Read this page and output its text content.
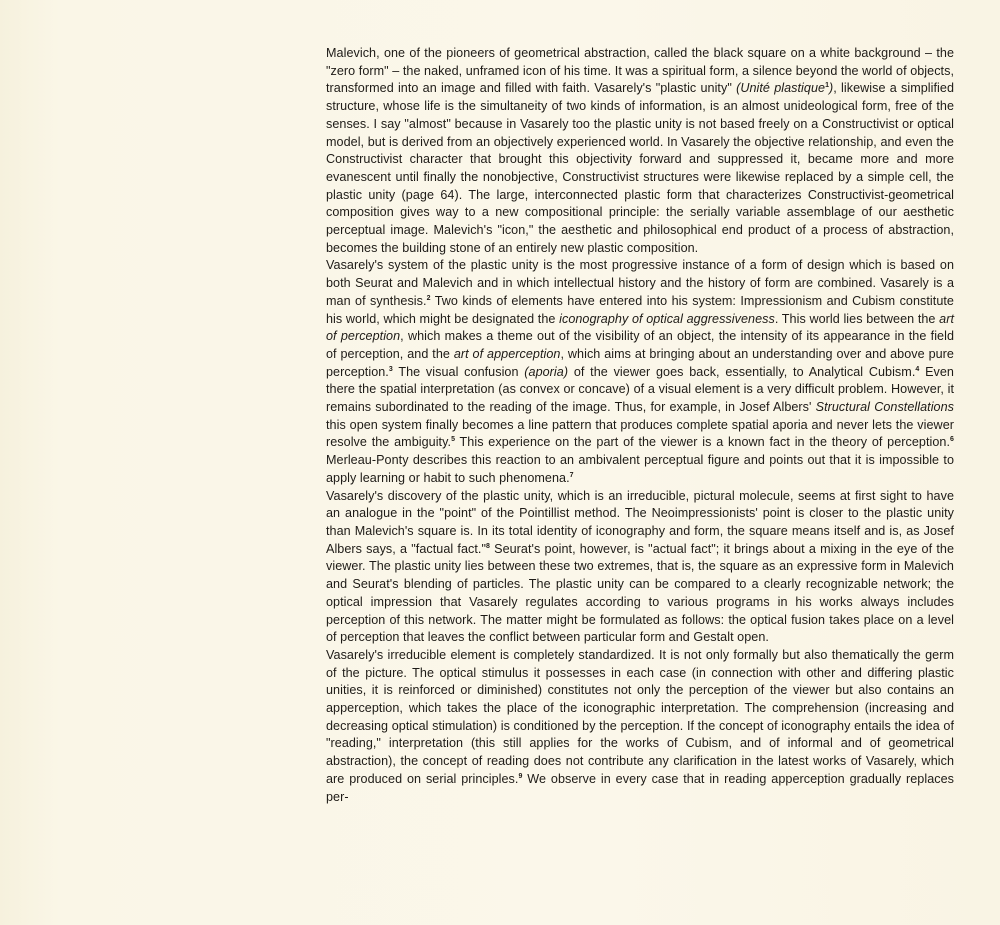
Malevich, one of the pioneers of geometrical abstraction, called the black square on a white background – the "zero form" – the naked, unframed icon of his time. It was a spiritual form, a silence beyond the world of objects, transformed into an image and filled with faith. Vasarely's "plastic unity" (Unité plastique$^1$), likewise a simplified structure, whose life is the simultaneity of two kinds of information, is an almost unideological form, free of the senses. I say "almost" because in Vasarely too the plastic unity is not based freely on a Constructivist or optical model, but is derived from an objectively experienced world. In Vasarely the objective relationship, and even the Constructivist character that brought this objectivity forward and suppressed it, became more and more evanescent until finally the nonobjective, Constructivist structures were likewise replaced by a simple cell, the plastic unity (page 64). The large, interconnected plastic form that characterizes Constructivist-geometrical composition gives way to a new compositional principle: the serially variable assemblage of our aesthetic perceptual image. Malevich's "icon," the aesthetic and philosophical end product of a process of abstraction, becomes the building stone of an entirely new plastic composition.

Vasarely's system of the plastic unity is the most progressive instance of a form of design which is based on both Seurat and Malevich and in which intellectual history and the history of form are combined. Vasarely is a man of synthesis.$^2$ Two kinds of elements have entered into his system: Impressionism and Cubism constitute his world, which might be designated the iconography of optical aggressiveness. This world lies between the art of perception, which makes a theme out of the visibility of an object, the intensity of its appearance in the field of perception, and the art of apperception, which aims at bringing about an understanding over and above pure perception.$^3$ The visual confusion (aporia) of the viewer goes back, essentially, to Analytical Cubism.$^4$ Even there the spatial interpretation (as convex or concave) of a visual element is a very difficult problem. However, it remains subordinated to the reading of the image. Thus, for example, in Josef Albers' Structural Constellations this open system finally becomes a line pattern that produces complete spatial aporia and never lets the viewer resolve the ambiguity.$^5$ This experience on the part of the viewer is a known fact in the theory of perception.$^6$ Merleau-Ponty describes this reaction to an ambivalent perceptual figure and points out that it is impossible to apply learning or habit to such phenomena.$^7$

Vasarely's discovery of the plastic unity, which is an irreducible, pictural molecule, seems at first sight to have an analogue in the "point" of the Pointillist method. The Neoimpressionists' point is closer to the plastic unity than Malevich's square is. In its total identity of iconography and form, the square means itself and is, as Josef Albers says, a "factual fact."$^8$ Seurat's point, however, is "actual fact"; it brings about a mixing in the eye of the viewer. The plastic unity lies between these two extremes, that is, the square as an expressive form in Malevich and Seurat's blending of particles. The plastic unity can be compared to a clearly recognizable network; the optical impression that Vasarely regulates according to various programs in his works always includes perception of this network. The matter might be formulated as follows: the optical fusion takes place on a level of perception that leaves the conflict between particular form and Gestalt open.

Vasarely's irreducible element is completely standardized. It is not only formally but also thematically the germ of the picture. The optical stimulus it possesses in each case (in connection with other and differing plastic unities, it is reinforced or diminished) constitutes not only the perception of the viewer but also contains an apperception, which takes the place of the iconographic interpretation. The comprehension (increasing and decreasing optical stimulation) is conditioned by the perception. If the concept of iconography entails the idea of "reading," interpretation (this still applies for the works of Cubism, and of informal and of geometrical abstraction), the concept of reading does not contribute any clarification in the latest works of Vasarely, which are produced on serial principles.$^9$ We observe in every case that in reading apperception gradually replaces per-
